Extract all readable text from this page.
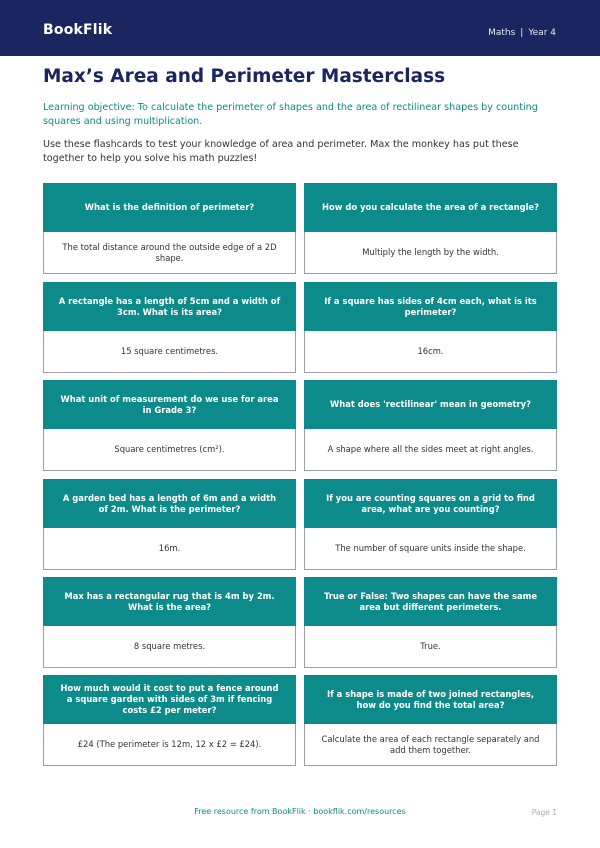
BookFlik	Maths | Year 4
Max’s Area and Perimeter Masterclass
Learning objective: To calculate the perimeter of shapes and the area of rectilinear shapes by counting squares and using multiplication.
Use these flashcards to test your knowledge of area and perimeter. Max the monkey has put these together to help you solve his math puzzles!
What is the definition of perimeter?
The total distance around the outside edge of a 2D shape.
How do you calculate the area of a rectangle?
Multiply the length by the width.
A rectangle has a length of 5cm and a width of 3cm. What is its area?
15 square centimetres.
If a square has sides of 4cm each, what is its perimeter?
16cm.
What unit of measurement do we use for area in Grade 3?
Square centimetres (cm²).
What does 'rectilinear' mean in geometry?
A shape where all the sides meet at right angles.
A garden bed has a length of 6m and a width of 2m. What is the perimeter?
16m.
If you are counting squares on a grid to find area, what are you counting?
The number of square units inside the shape.
Max has a rectangular rug that is 4m by 2m. What is the area?
8 square metres.
True or False: Two shapes can have the same area but different perimeters.
True.
How much would it cost to put a fence around a square garden with sides of 3m if fencing costs £2 per meter?
£24 (The perimeter is 12m, 12 x £2 = £24).
If a shape is made of two joined rectangles, how do you find the total area?
Calculate the area of each rectangle separately and add them together.
Free resource from BookFlik · bookflik.com/resources	Page 1
